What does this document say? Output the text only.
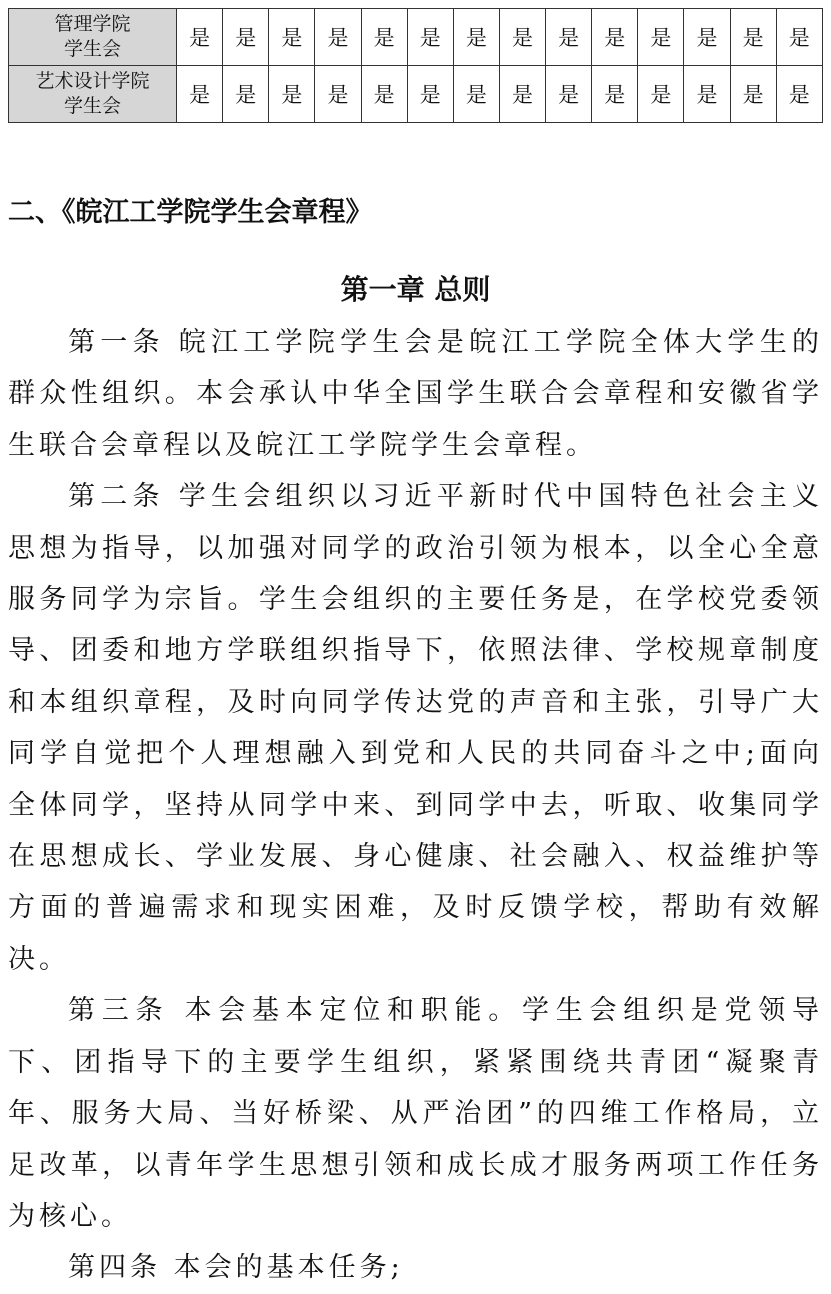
管理学院
学生会	是	是	是	是	是	是	是	是	是	是	是	是	是	是
艺术设计学院
学生会	是	是	是	是	是	是	是	是	是	是	是	是	是	是
二、《皖江工学院学生会章程》
第一章 总则

第一条 皖江工学院学生会是皖江工学院全体大学生的群众性组织。本会承认中华全国学生联合会章程和安徽省学生联合会章程以及皖江工学院学生会章程。

第二条 学生会组织以习近平新时代中国特色社会主义思想为指导，以加强对同学的政治引领为根本，以全心全意服务同学为宗旨。学生会组织的主要任务是，在学校党委领导、团委和地方学联组织指导下，依照法律、学校规章制度和本组织章程，及时向同学传达党的声音和主张，引导广大同学自觉把个人理想融入到党和人民的共同奋斗之中;面向全体同学，坚持从同学中来、到同学中去，听取、收集同学在思想成长、学业发展、身心健康、社会融入、权益维护等方面的普遍需求和现实困难，及时反馈学校，帮助有效解决。

第三条 本会基本定位和职能。学生会组织是党领导下、团指导下的主要学生组织，紧紧围绕共青团“凝聚青年、服务大局、当好桥梁、从严治团”的四维工作格局，立足改革，以青年学生思想引领和成长成才服务两项工作任务为核心。

第四条 本会的基本任务;
